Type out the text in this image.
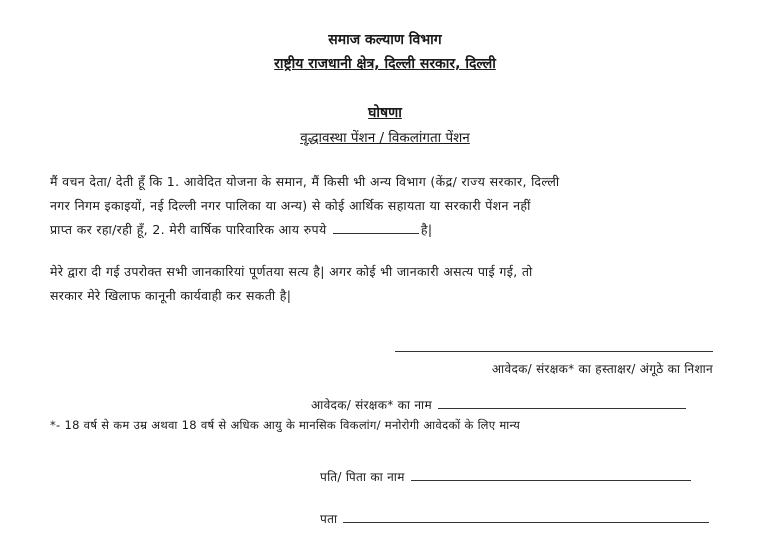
समाज कल्याण विभाग
राष्ट्रीय राजधानी क्षेत्र, दिल्ली सरकार, दिल्ली
घोषणा
वृद्धावस्था पेंशन / विकलांगता पेंशन
मैं वचन देता/ देती हूँ कि 1. आवेदित योजना के समान, मैं किसी भी अन्य विभाग (केंद्र/ राज्य सरकार, दिल्ली
नगर निगम इकाइयों, नई दिल्ली नगर पालिका या अन्य) से कोई आर्थिक सहायता या सरकारी पेंशन नहीं
प्राप्त कर रहा/रही हूँ, 2. मेरी वार्षिक पारिवारिक आय रुपये	है|
मेरे द्वारा दी गई उपरोक्त सभी जानकारियां पूर्णतया सत्य है| अगर कोई भी जानकारी असत्य पाई गई, तो
सरकार मेरे खिलाफ कानूनी कार्यवाही कर सकती है|
आवेदक/ संरक्षक* का हस्ताक्षर/ अंगूठे का निशान
आवेदक/ संरक्षक* का नाम
*- 18 वर्ष से कम उम्र अथवा 18 वर्ष से अधिक आयु के मानसिक विकलांग/ मनोरोगी आवेदकों के लिए मान्य
पति/ पिता का नाम
पता
